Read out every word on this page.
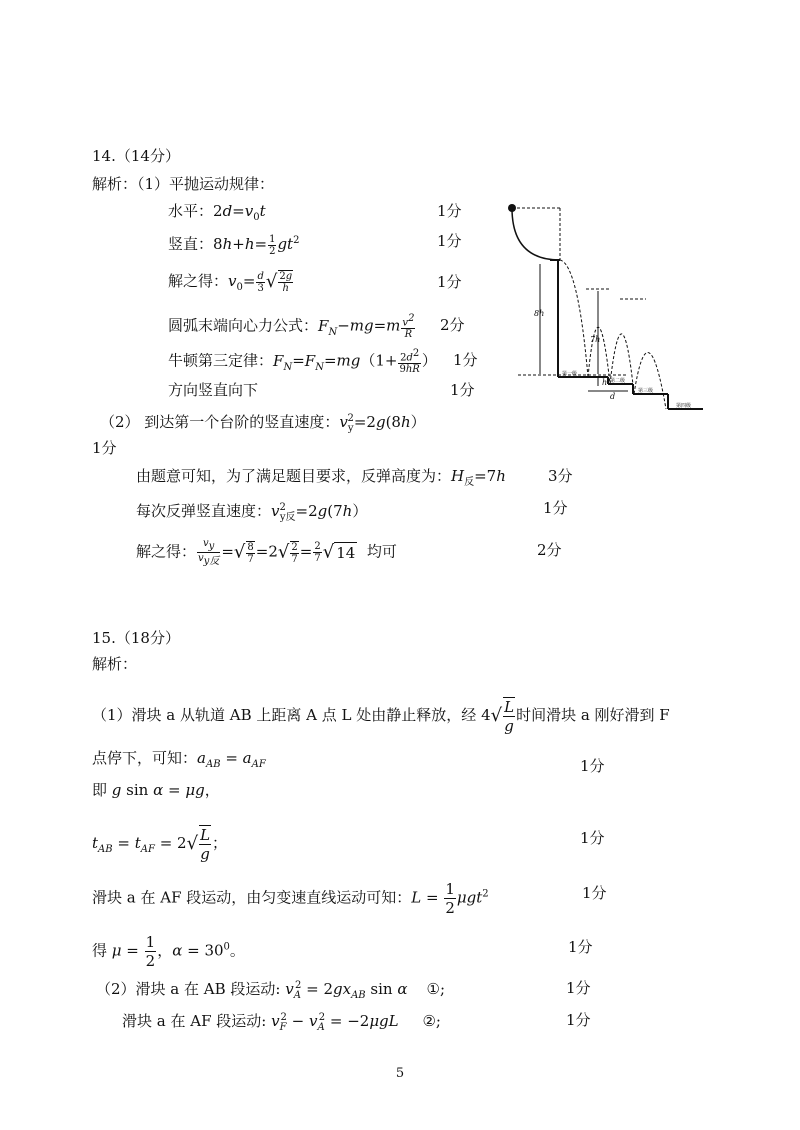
14.（14分）
解析：（1）平抛运动规律：
水平：$2d=v_0t$	1分
竖直：$8h+h= \frac{1}{2} gt^2$	1分
解之得：$v_0= \frac{d}{3}$ √ $\frac{2g}{h}$	1分
圆弧末端向心力公式：$F_N-mg=m \frac{v^2}{R} 2$分
牛顿第三定律：$F_N=F_N=mg(1+ \frac{2d^2}{9hR}$ ） 1分
方向竖直向下	1分
（2） 到达第一个台阶的竖直速度：$v_y^2=2g(8h)$
1分
由题意可知，为了满足题目要求，反弹高度为：$H_反=7h$	3分
每次反弹竖直速度：$v^2_{y反}=2g(7h)$	1分
解之得： $\frac{v_y}{v_{y反}}$ =√ $\frac{8}{7} =2√ \frac{2}{7} = \frac{2}{7}$ √ 14  均可	2分
8h
7h
h
d
第一级
第二级
第三级
第四级
15.（18分）
解析：
（1）滑块 a 从轨道 AB 上距离 A 点 L 处由静止释放，经 $4√ \frac{L}{g}$ 时间滑块 a 刚好滑到 F
点停下，可知：$a_{AB} = a_{AF}$	1分
即 g sin α = μg，
$t_{AB} = t_{AF} = 2√ \frac{L}{g}$ ；	1分
滑块 a 在 AF 段运动，由匀变速直线运动可知：$L = \frac{1}{2} \mu gt^2$	1分
得 $\mu = \frac{1}{2}$ ，$\alpha = 30^0$。	1分
（2）滑块 a 在 AB 段运动: $v_A^2 = 2gx_{AB}$ sin α    ①;	1分
滑块 a 在 AF 段运动: $v_F^2 - v_A^2 = -2\mu gL$     ②;	1分
5
